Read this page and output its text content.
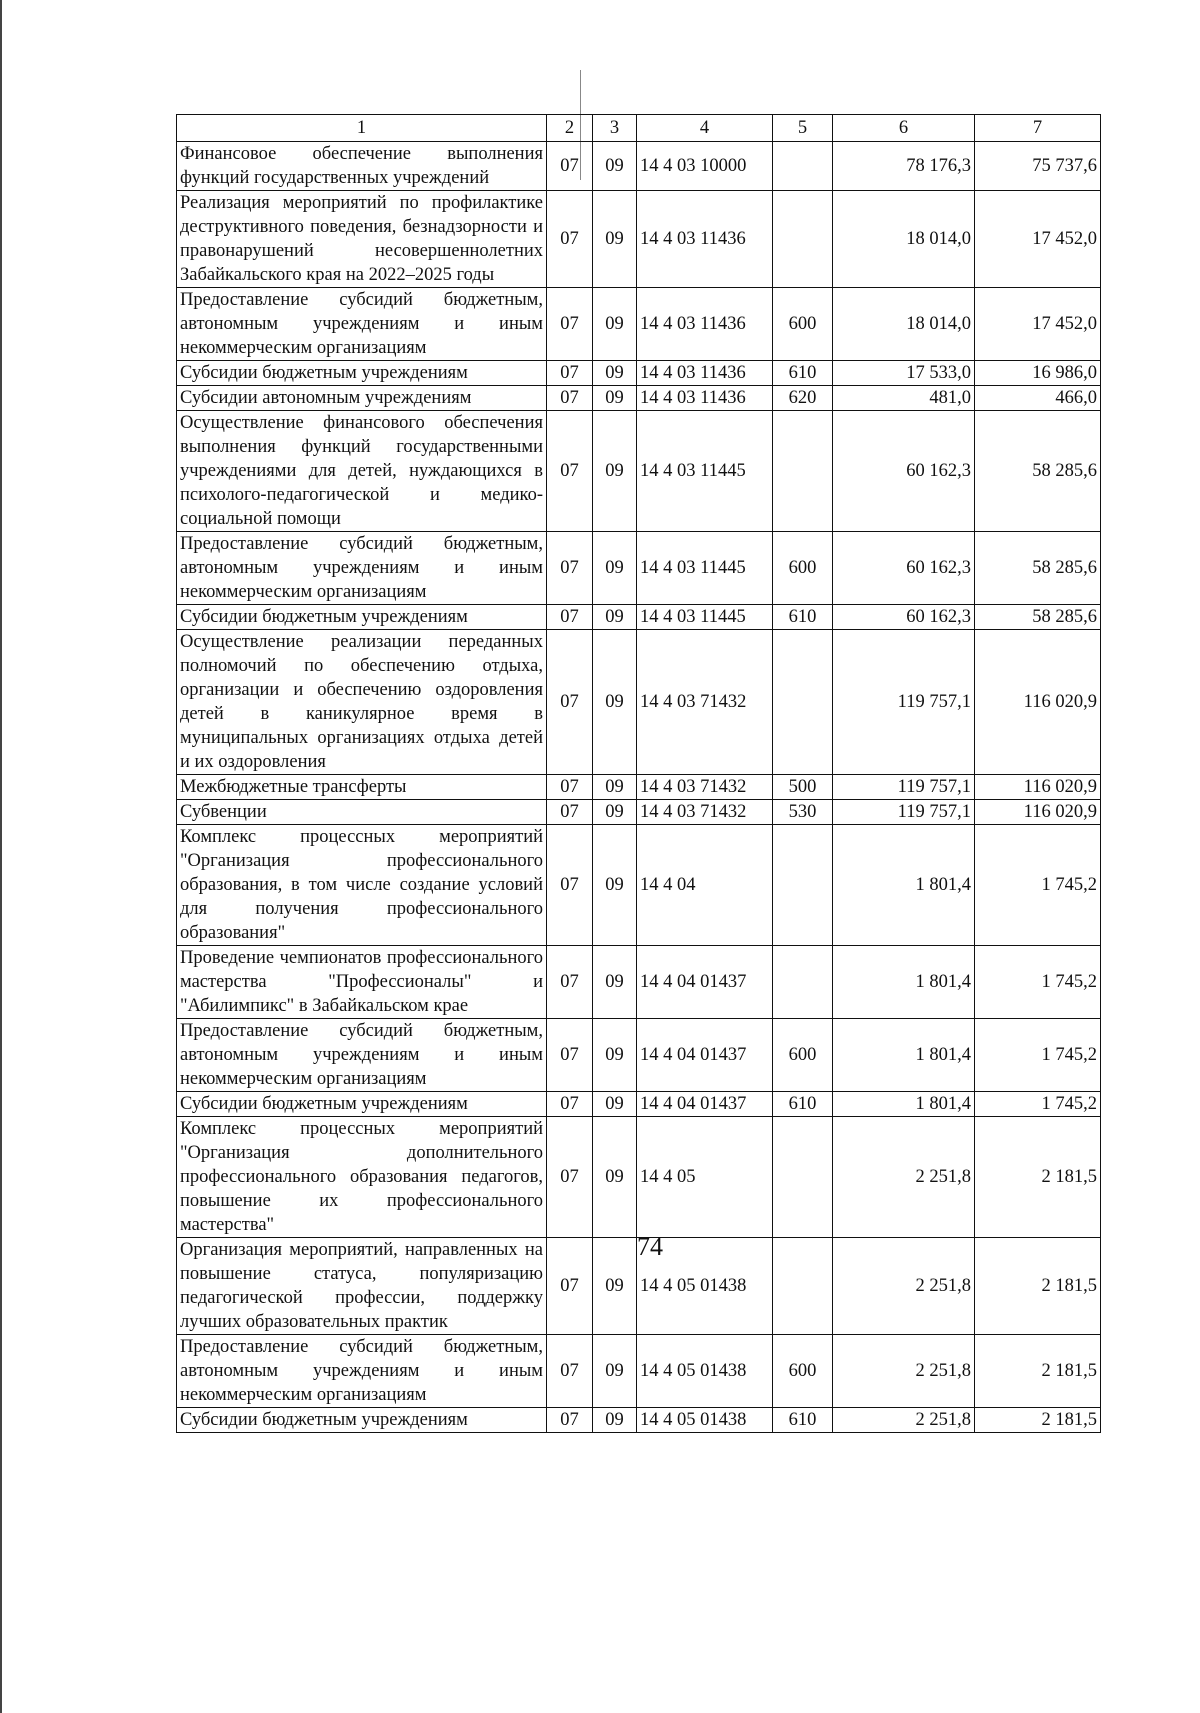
1	2	3	4	5	6	7
Финансовое обеспечение выполнения функций государственных учреждений	07	09	14 4 03 10000		78 176,3	75 737,6
Реализация мероприятий по профилактике деструктивного поведения, безнадзорности и правонарушений несовершеннолетних Забайкальского края на 2022–2025 годы	07	09	14 4 03 11436		18 014,0	17 452,0
Предоставление субсидий бюджетным, автономным учреждениям и иным некоммерческим организациям	07	09	14 4 03 11436	600	18 014,0	17 452,0
Субсидии бюджетным учреждениям	07	09	14 4 03 11436	610	17 533,0	16 986,0
Субсидии автономным учреждениям	07	09	14 4 03 11436	620	481,0	466,0
Осуществление финансового обеспечения выполнения функций государственными учреждениями для детей, нуждающихся в психолого-педагогической и медико-социальной помощи	07	09	14 4 03 11445		60 162,3	58 285,6
Предоставление субсидий бюджетным, автономным учреждениям и иным некоммерческим организациям	07	09	14 4 03 11445	600	60 162,3	58 285,6
Субсидии бюджетным учреждениям	07	09	14 4 03 11445	610	60 162,3	58 285,6
Осуществление реализации переданных полномочий по обеспечению отдыха, организации и обеспечению оздоровления детей в каникулярное время в муниципальных организациях отдыха детей и их оздоровления	07	09	14 4 03 71432		119 757,1	116 020,9
Межбюджетные трансферты	07	09	14 4 03 71432	500	119 757,1	116 020,9
Субвенции	07	09	14 4 03 71432	530	119 757,1	116 020,9
Комплекс процессных мероприятий "Организация профессионального образования, в том числе создание условий для получения профессионального образования"	07	09	14 4 04		1 801,4	1 745,2
Проведение чемпионатов профессионального мастерства "Профессионалы" и "Абилимпикс" в Забайкальском крае	07	09	14 4 04 01437		1 801,4	1 745,2
Предоставление субсидий бюджетным, автономным учреждениям и иным некоммерческим организациям	07	09	14 4 04 01437	600	1 801,4	1 745,2
Субсидии бюджетным учреждениям	07	09	14 4 04 01437	610	1 801,4	1 745,2
Комплекс процессных мероприятий "Организация дополнительного профессионального образования педагогов, повышение их профессионального мастерства"	07	09	14 4 05		2 251,8	2 181,5
Организация мероприятий, направленных на повышение статуса, популяризацию педагогической профессии, поддержку лучших образовательных практик	07	09	14 4 05 01438		2 251,8	2 181,5
Предоставление субсидий бюджетным, автономным учреждениям и иным некоммерческим организациям	07	09	14 4 05 01438	600	2 251,8	2 181,5
Субсидии бюджетным учреждениям	07	09	14 4 05 01438	610	2 251,8	2 181,5
74
